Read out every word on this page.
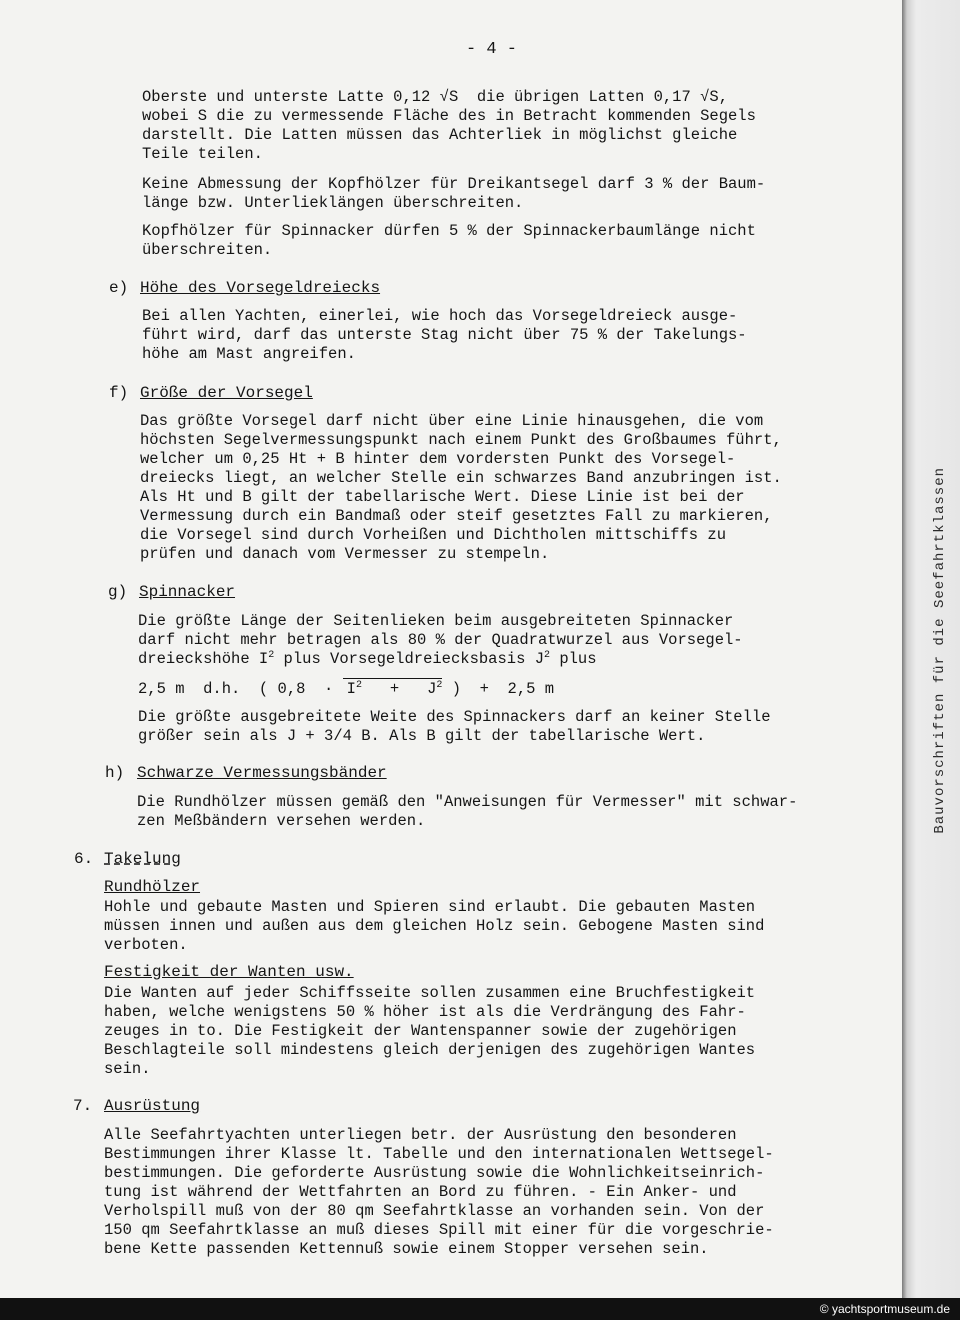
Bauvorschriften für die Seefahrtklassen
- 4 -
Oberste und unterste Latte 0,12 √S  die übrigen Latten 0,17 √S,
wobei S die zu vermessende Fläche des in Betracht kommenden Segels
darstellt. Die Latten müssen das Achterliek in möglichst gleiche
Teile teilen.
Keine Abmessung der Kopfhölzer für Dreikantsegel darf 3 % der Baum-
länge bzw. Unterlieklängen überschreiten.
Kopfhölzer für Spinnacker dürfen 5 % der Spinnackerbaumlänge nicht
überschreiten.
e) Höhe des Vorsegeldreiecks
Bei allen Yachten, einerlei, wie hoch das Vorsegeldreieck ausge-
führt wird, darf das unterste Stag nicht über 75 % der Takelungs-
höhe am Mast angreifen.
f) Größe der Vorsegel
Das größte Vorsegel darf nicht über eine Linie hinausgehen, die vom
höchsten Segelvermessungspunkt nach einem Punkt des Großbaumes führt,
welcher um 0,25 Ht + B hinter dem vordersten Punkt des Vorsegel-
dreiecks liegt, an welcher Stelle ein schwarzes Band anzubringen ist.
Als Ht und B gilt der tabellarische Wert. Diese Linie ist bei der
Vermessung durch ein Bandmaß oder steif gesetztes Fall zu markieren,
die Vorsegel sind durch Vorheißen und Dichtholen mittschiffs zu
prüfen und danach vom Vermesser zu stempeln.
g) Spinnacker
Die größte Länge der Seitenlieken beim ausgebreiteten Spinnacker
darf nicht mehr betragen als 80 % der Quadratwurzel aus Vorsegel-
dreieckshöhe $I^2$ plus Vorsegeldreiecksbasis $J^2$ plus
2,5 m  d.h.  ( $0,8 \cdot I^2 + J^2$ )  +  2,5 m
Die größte ausgebreitete Weite des Spinnackers darf an keiner Stelle
größer sein als J + 3/4 B. Als B gilt der tabellarische Wert.
h) Schwarze Vermessungsbänder
Die Rundhölzer müssen gemäß den "Anweisungen für Vermesser" mit schwar-
zen Meßbändern versehen werden.
6. Takelung
Rundhölzer
Hohle und gebaute Masten und Spieren sind erlaubt. Die gebauten Masten
müssen innen und außen aus dem gleichen Holz sein. Gebogene Masten sind
verboten.
Festigkeit der Wanten usw.
Die Wanten auf jeder Schiffsseite sollen zusammen eine Bruchfestigkeit
haben, welche wenigstens 50 % höher ist als die Verdrängung des Fahr-
zeuges in to. Die Festigkeit der Wantenspanner sowie der zugehörigen
Beschlagteile soll mindestens gleich derjenigen des zugehörigen Wantes
sein.
7. Ausrüstung
Alle Seefahrtyachten unterliegen betr. der Ausrüstung den besonderen
Bestimmungen ihrer Klasse lt. Tabelle und den internationalen Wettsegel-
bestimmungen. Die geforderte Ausrüstung sowie die Wohnlichkeitseinrich-
tung ist während der Wettfahrten an Bord zu führen. - Ein Anker- und
Verholspill muß von der 80 qm Seefahrtklasse an vorhanden sein. Von der
150 qm Seefahrtklasse an muß dieses Spill mit einer für die vorgeschrie-
bene Kette passenden Kettennuß sowie einem Stopper versehen sein.
© yachtsportmuseum.de
